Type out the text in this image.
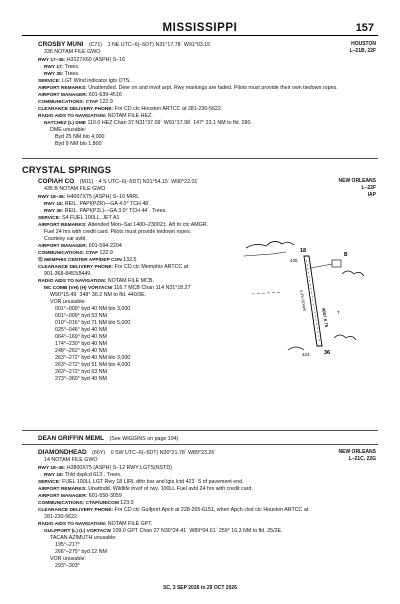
MISSISSIPPI	157
CROSBY MUNI (C71) 1 NE UTC–6(–5DT) N31°17.78´ W91°03.15´
336 NOTAM FILE GWO
HOUSTON
L–21B, 22F
RWY 17–35: H3127X60 (ASPH) S–16
RWY 17: Trees.
RWY 35: Trees.
SERVICE: LGT Wind indicator lgts OTS.
AIRPORT REMARKS: Unattended. Deer on and invof arpt. Rwy markings are faded. Pilots must provide their own tiedown ropes.
AIRPORT MANAGER: 601-639-4516
COMMUNICATIONS: CTAF 122.9
CLEARANCE DELIVERY PHONE: For CD ctc Houston ARTCC at 281-230-5622.
RADIO AIDS TO NAVIGATION: NOTAM FILE HEZ.
NATCHEZ (L) DME 110.0 HEZ Chan 37 N31°37.09´ W91°17.98´ 147° 23.1 NM to fld. 280.
DME unusable:
Byd 25 NM blo 4,000´
Byd 9 NM blo 1,800´
CRYSTAL SPRINGS
COPIAH CO (M11) 4 S UTC–6(–5DT) N31°54.15´ W90°22.01´
435 B NOTAM FILE GWO
NEW ORLEANS
L–22F
IAP
RWY 18–36: H4007X75 (ASPH) S–10 MIRL
RWY 18: REIL. PAPI(P2R)—GA 4.0° TCH 48´.
RWY 36: REIL. PAPI(P2L)—GA 3.0° TCH 44´. Trees.
SERVICE: S4 FUEL 100LL, JET A1
AIRPORT REMARKS: Attended Mon–Sat 1400–2300Z‡. Aft hr ctc AMGR.
Fuel 24 hrs with credit card. Pilots must provide tiedown ropes.
Courtesy car avbl.
AIRPORT MANAGER: 601-594-2204
COMMUNICATIONS: CTAF 122.9
Ⓡ MEMPHIS CENTER APP/DEP CON 132.5
CLEARANCE DELIVERY PHONE: For CD ctc Memphis ARTCC at
901-368-8453/8449.
RADIO AIDS TO NAVIGATION: NOTAM FILE MCB.
MC COMB (VH) (H) VORTACW 116.7 MCB Chan 114 N31°18.27´
W90°15.49´ 348° 36.2 NM to fld. 440/3E.
VOR unusable:
001°–009° byd 40 NM blo 3,000´
001°–009° byd 53 NM
010°–016° byd 71 NM blo 5,000´
025°–046° byd 40 NM
064°–169° byd 40 NM
174°–230° byd 40 NM
248°–262° byd 40 NM
263°–272° byd 40 NM blo 3,000´
263°–272° byd 51 NM blo 4,000´
263°–272° byd 63 NM
273°–360° byd 40 NM
18
36
B
435
424
T
4007 X 75
0.3% DOWN
DEAN GRIFFIN MEML (See WIGGINS on page 194)
DIAMONDHEAD (66Y) 0 SW UTC–6(–5DT) N30°21.78´ W89°23.26´
14 NOTAM FILE GWO
NEW ORLEANS
L–21C, 22G
RWY 18–36: H3800X75 (ASPH) S–12 RWY LGTS(NSTD)
RWY 18: Thld dsplcd 613´. Trees.
SERVICE: FUEL 100LL LGT Rwy 18 LIRL dthr bar and lgts lctd 423´ S of pavement end.
AIRPORT REMARKS: Unattndd. Wildlife invof of rwy. 100LL Fuel avbl 24 hrs with credit card.
AIRPORT MANAGER: 601-550-3059
COMMUNICATIONS: CTAF/UNICOM 123.0
CLEARANCE DELIVERY PHONE: For CD ctc Gulfport Apch at 228-265-6151, when Apch clsd ctc Houston ARTCC at
281-230-5622.
RADIO AIDS TO NAVIGATION: NOTAM FILE GPT.
GULFPORT (L) (L) VORTACW 109.0 GPT Chan 27 N30°24.41´ W89°04.61´ 259° 16.3 NM to fld. 25/2E.
TACAN AZIMUTH unusable:
195°–217°
266°–275° byd 12 NM
VOR unusable:
293°–303°
SC, 3 SEP 2026 to 29 OCT 2026
